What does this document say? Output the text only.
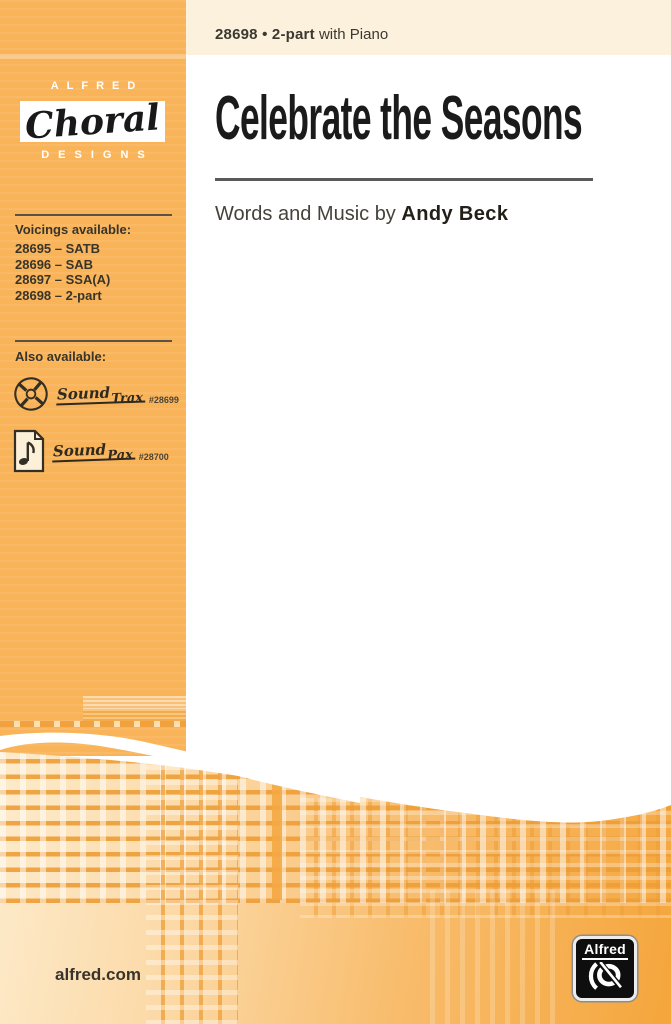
28698 • 2-part with Piano
ALFRED
Choral
DESIGNS
Voicings available:
28695 – SATB
28696 – SAB
28697 – SSA(A)
28698 – 2-part
Also available:
SoundTrax #28699
SoundPax #28700
Celebrate the Seasons
Words and Music by Andy Beck
alfred.com
Alfred
